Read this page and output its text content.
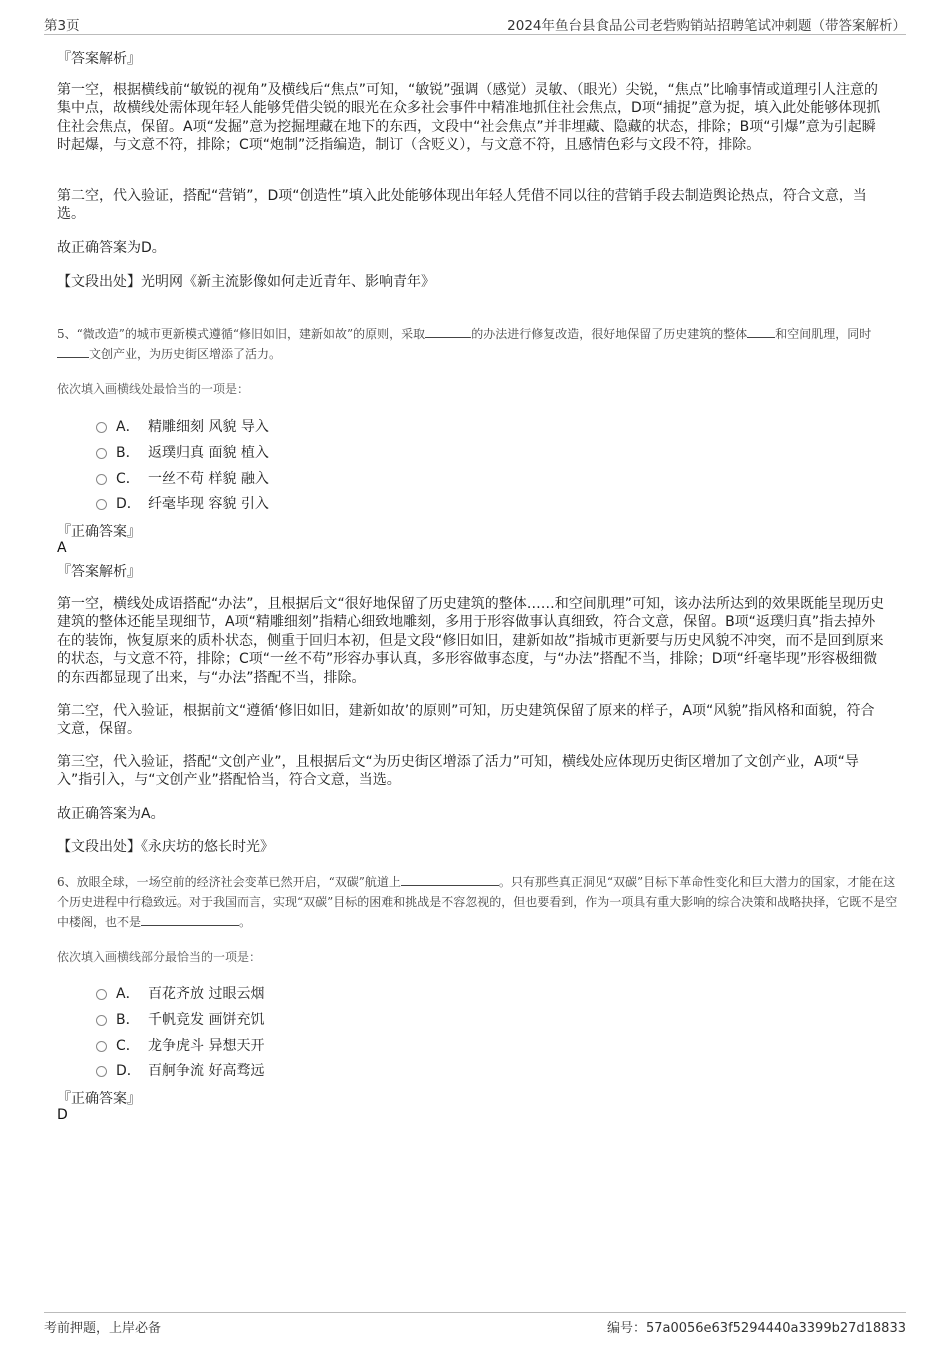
第3页	2024年鱼台县食品公司老砦购销站招聘笔试冲刺题（带答案解析）
『答案解析』
第一空，根据横线前“敏锐的视角”及横线后“焦点”可知，“敏锐”强调（感觉）灵敏、（眼光）尖锐，“焦点”比喻事情或道理引人注意的集中点，故横线处需体现年轻人能够凭借尖锐的眼光在众多社会事件中精准地抓住社会焦点，D项“捕捉”意为捉，填入此处能够体现抓住社会焦点，保留。A项“发掘”意为挖掘埋藏在地下的东西，文段中“社会焦点”并非埋藏、隐藏的状态，排除；B项“引爆”意为引起瞬时起爆，与文意不符，排除；C项“炮制”泛指编造，制订（含贬义），与文意不符，且感情色彩与文段不符，排除。
第二空，代入验证，搭配“营销”，D项“创造性”填入此处能够体现出年轻人凭借不同以往的营销手段去制造舆论热点，符合文意，当选。
故正确答案为D。
【文段出处】光明网《新主流影像如何走近青年、影响青年》
5、“微改造”的城市更新模式遵循“修旧如旧，建新如故”的原则，采取	的办法进行修复改造，很好地保留了历史建筑的整体 和空间肌理，同时文创产业，为历史街区增添了活力。
依次填入画横线处最恰当的一项是：
A． 精雕细刻 风貌 导入
B． 返璞归真 面貌 植入
C． 一丝不苟 样貌 融入
D． 纤毫毕现 容貌 引入
『正确答案』
A
『答案解析』
第一空，横线处成语搭配“办法”，且根据后文“很好地保留了历史建筑的整体……和空间肌理”可知，该办法所达到的效果既能呈现历史建筑的整体还能呈现细节，A项“精雕细刻”指精心细致地雕刻，多用于形容做事认真细致，符合文意，保留。B项“返璞归真”指去掉外在的装饰，恢复原来的质朴状态，侧重于回归本初，但是文段“修旧如旧，建新如故”指城市更新要与历史风貌不冲突，而不是回到原来的状态，与文意不符，排除；C项“一丝不苟”形容办事认真，多形容做事态度，与“办法”搭配不当，排除；D项“纤毫毕现”形容极细微的东西都显现了出来，与“办法”搭配不当，排除。
第二空，代入验证，根据前文“遵循‘修旧如旧，建新如故’的原则”可知，历史建筑保留了原来的样子，A项“风貌”指风格和面貌，符合文意，保留。
第三空，代入验证，搭配“文创产业”，且根据后文“为历史街区增添了活力”可知，横线处应体现历史街区增加了文创产业，A项“导入”指引入，与“文创产业”搭配恰当，符合文意，当选。
故正确答案为A。
【文段出处】《永庆坊的悠长时光》
6、放眼全球，一场空前的经济社会变革已然开启，“双碳”航道上	。只有那些真正洞见“双碳”目标下革命性变化和巨大潜力的国家，才能在这个历史进程中行稳致远。对于我国而言，实现“双碳”目标的困难和挑战是不容忽视的，但也要看到，作为一项具有重大影响的综合决策和战略抉择，它既不是空中楼阁，也不是	。
依次填入画横线部分最恰当的一项是：
A． 百花齐放 过眼云烟
B． 千帆竞发 画饼充饥
C． 龙争虎斗 异想天开
D． 百舸争流 好高骛远
『正确答案』
D
考前押题，上岸必备	编号：57a0056e63f5294440a3399b27d18833
